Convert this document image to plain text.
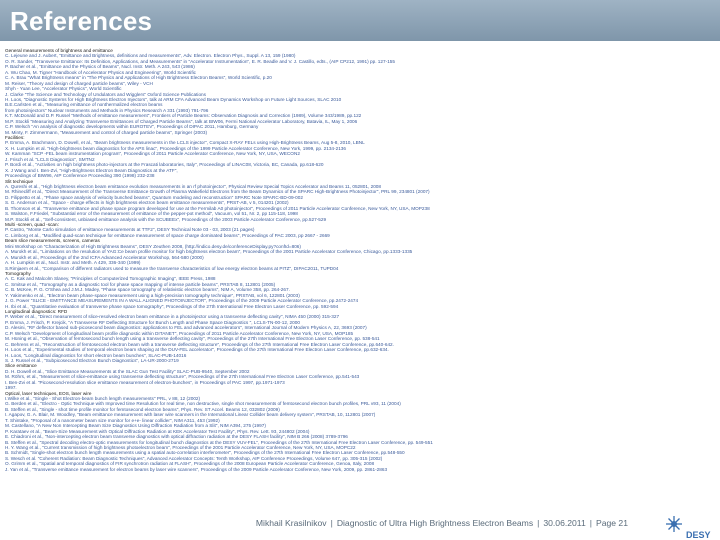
References
General measurements of brightness and emittance
C. Lejeune and J. Aubert, "Emittance and Brightness, definitions and measurements", Adv. Electron. Electron Phys., Suppl. A 13, 159 (1980)
O. R. Sander, "Transverse Emittance: Its Definition, Applications, and Measurements" in "Accelerator Instrumentation", E. R. Beadle and V. J. Castillo, edts., (AIP CP212, 1991) pp. 127-155
P. Bacher et al., "Emittance and the Physics of Beams", Nucl. Instr. Meth. A 243, 543 (1986)
A. Wu Chao, M. Tigner "Handbook of Accelerator Physics and Engineering", World Scientific
C. A. Brau "What Brightness means" in "The Physics and Applications of High Brightness Electron Beams", World Scientific, p.20
M. Reiser, "Theory and design of charged particle beams", Wiley - VCH
Shyh - Yuan Lee, "Accelerator Physics", World Scientific
J. Clarke "The Science and Technology of Undulators and Wigglers" Oxford Science Publications
H. Loos, "Diagnostic Systems for High Brightness Electron Injectors", talk at ARM CFA Advanced Beam Dynamics Workshop on Future Light Sources, SLAC 2010
B.E.Carlsten et al., "Measuring emittance of nonthermalized electron beams
from photoinjectors" Nuclear Instruments and Methods in Physics Research A 331 (1993) 791-796
K.T. McDonald and D.P. Russel "Methods of emittance measurement", Frontiers of Particle Beams: Observation Diagnosis and Correction (1989), Volume 343/1989, pp.122
M.P. Stockli "Measuring and Analyzing Transverse Emittances of Charged Particle Beams", talk at BIW06, Fermi National Accelerator Laboratory, Batavia, IL, May 1, 2006
C.P. Welsch "An analysis of diagnostic developments within EUROTEV", Proceedings of DIPAC 2011, Hamburg, Germany
M. Minty, F. Zimmermann, "Measurement and control of charged particle beams", Springer (2003)
Facilities:
P. Emma, A. Brachmann, D. Dowell, et al., "Beam brightness measurements in the LCLS injector", Compact X-RAY FELs using High-Brightness Beams, Aug 5-8, 2010, LBNL
X. H. Lumpkin et al. "High-brightness beam diagnostics for the APS linac", Proceedings of the 1999 Particle Accelerator Conference, New York, 1999, pp. 2134-2136
W. Kamman "SCP -FEL beam instrumentation program", Proceedings of 2011 Particle Accelerator Conference, New York, NY, USA, WECON2
J. Frisch et al. "LCLS Diagnostics", SMTN2
P. Bordi et al., "Activities on high brightness photo-injectors at the Frascati laboratories, Italy", Proceedings of LINAC08, Victoria, BC, Canada, pp.618-620
X. J Wang and I. Ben-Zvi, "High-Brightness Electron Beam Diagnostics at the ATF",
Proceedings of BIW96, AIP Conference Proceeding 390 (1998) 232-238
Slit technique
A. Qureshi et al., "High brightness electron beam emittance evolution measurements in an rf photoinjector", Physical Review Special Topics Accelerator and Beams 11, 052801, 2008
M. Rhinecliff et al., "Direct Measurement of the Transverse Emittance Growth of Plasma Wakefield Electrons from the Beam Dynamics of the SPARC High-Brightness Photoinjector", PRL 99, 234801 (2007)
D. Filippetto et al., "Phase space analysis of velocity bunched beams", Quantum modeling and reconstruction" SPARC Note SPARC-BD-09-002
S. G. Anderson et al., "Space - charge effects in high brightness electron beam emittance measurements", PRST-AB, v 5, 014201 (2002)
B. Thomson et al. "Transverse emittance and phase space program developed for use at the Fermilab A0 photoinjector", Proceedings of 2011 Particle Accelerator Conference, New York, NY, USA, MOP238
S. Walston, F.Friedel, "Substantial error of the measurement of emittance of the pepper-pot method", Vacuum, vol 51, Nr. 2, pp 115-118, 1998
M.P. Stockli et al., "Self-consistent, unbiased emittance analysis with the SCUBEEx", Proceedings of the 2003 Particle Accelerator Conference, pp.527-529
Multi -screen, quad -scan:
P. Castro, "Monte Carlo simulation of emittance measurements at TTF2", DESY Technical Note 03 - 03, 2003 (21 pages)
C. Limborg et al., "Modified quad-scan technique for emittance measurement of space charge dominated beams", Proceedings of PAC 2003, pp 2667 - 2669
Beam slice measurements, screens, cameras
Mini Workshop on "Characterization of High Brightness Beams", DESY Zeuthen 2008, (http://indico.desy.de/conferenceDisplay.py?confId=806)
A. Murokh et al., "Limitations on the resolution of YAG:Ce beam profile monitor for high brightness electron beam", Proceedings of the 2001 Particle Accelerator Conference, Chicago, pp.1333-1335
A. Murokh et al., Proceedings of the 2nd ICFA Advanced Accelerator Workshop, 564-580 (2000)
A. H. Lumpkin et al., Nucl. Instr. and Meth. A 429, 336-340 (1999)
S.Rimjaem et al., "Comparison of different radiators used to measure the transverse characteristics of low energy electron beams at PITZ", DIPAC2011, TUPD04
Tomography
A. C. Kak and Malcolm Slaney, "Principles of Computerized Tomographic Imaging", IEEE Press, 1988
C. Smitsø et al., "Tomography as a diagnostic tool for phase space mapping of intense particle beams", PRSTAB 8, 112801 (2005)
C. B. McKee, P. G. O'Shea and J.M.J. Madey, "Phase space tomography of relativistic electron beams", NIM A, Volume 358, pp. 264-267.
Y. Yakimenko et al., "Electron beam phase-space measurement using a high-precision tomography technique", PRSTAB, vol 6, 122801 (2003)
J. G. Power "SLICE - EMITTANCE MEASUREMENTS IN A WALL ALIGNED PHOTOINJECTOR", Proceedings of the 2009 Particle Accelerator Conference, pp.2472-2474
H. Ibi et al., "Quantitative evaluation of transverse phase space tomography", Proceedings of the 27th International Free Electron Laser Conference, pp. 592-594
Longitudinal diagnostics: RFD
P. Weber et al., "Direct measurement of slice-resolved electron beam emittance in a photoinjector using a transverse deflecting cavity", NIMA 450 (2000) 315-327
P. Emma, J. Frisch, P. Krejcik, "A Transverse RF Deflecting Structure for Bunch Length and Phase Space Diagnostics ", LCLS-TN-00-12, 2000
D. Alesini, "RF deflector based sub-picosecond beam diagnostics: applications to FEL and advanced accelerators", International Journal of Modern Physics A, 22, 3693 (2007)
C.P. Welsch "Development of longitudinal beam profile diagnostic within DITANET", Proceedings of 2011 Particle Accelerator Conference, New York, NY, USA, MOP185
M. Hüning et al., "Observation of femtosecond bunch length using a transverse deflecting cavity", Proceedings of the 27th International Free Electron Laser Conference, pp. 538-541
C. Behrens et al., "Reconstruction of femtosecond electron beam with a transverse deflecting structure", Proceedings of the 27th International Free Electron Laser Conference, pp.640-642.
H. Loos et al., "Experimental studies of temporal electron beam shaping at the DUV-FEL accelerator", Proceedings of the 27th International Free Electron Laser Conference, pp.632-634.
H. Loos, "Longitudinal diagnostics for short electron beam bunches", SLAC-PUB-14016
S. J. Russel et al., "Subpicosecond Electron Bunch Diagnostics", LA-UR-2000-2719
Slice emittance
D. H. Dowell et al., "Slice Emittance Measurements at the SLAC Gun Test Facility" SLAC-PUB-9540, September 2002
M. Röhrs, et al., "Measurement of slice-emittance using transverse deflecting structure", Proceedings of the 27th International Free Electron Laser Conference, pp.541-543
I. Ben-Zvi et al. "Picosecond-resolution slice emittance measurement of electron-bunches", in Proceedings of PAC 1997, pp.1971-1973
1997.
Optical, laser techniques, EOS, laser wire
I.Wilke et al., "Single - Shot Electron-beam bunch length measurements" PRL, v 88, 12 (2002)
G. Berden et al., "Electro - Optic Technique with Improved time Resolution for real time, non destructive, single shot measurements of femtosecond electron bunch profiles, PRL v93, 11 (2004)
B. Steffen et al., "Single - shot time profile monitor for femtosecond electron beams", Phys. Rev. ST Accel. Beams 12, 032802 (2009)
I. Agapov, G. A. Blair, M. Woodley, "Beam emittance measurement with laser wire scanners in the International Linear Collider beam delivery system", PRSTAB, 10, 112801 (2007)
T. Shintake, "Proposal of a nanometer beam size monitor for e+e- linear collider", NIM A311, 453 (1992)
M. Castellano, "A New Non Intercepting Beam Size Diagnostics Using Diffraction Radiation from a Slit", NIM A394, 275 (1997)
P. Karataev et al., "Beam-Size Measurement with Optical Diffraction Radiation at KEK Accelerator Test Facility", Phys. Rev. Lett. 93, 244802 (2004)
E. Chiadroni et al., "Non-intercepting electron beam transverse diagnostics with optical diffraction radiation at the DESY FLASH facility", NIM B 266 (2008) 3789-3796
B. Steffen et al., "Spectral decoding electro-optic measurements for longitudinal bunch diagnostics at the DESY VUV-FEL", Proceedings of the 27th International Free Electron Laser Conference, pp. 549-551
H. Y. Wang et al., "Current transmission of high brightness photoelectron beam", Proceedings of the 2001 Particle Accelerator Conference, New York, NY, USA, MOPC22
B. Schmidt, "Single-shot electron bunch length measurements using a spatial auto-correlation interferometer", Proceedings of the 27th International Free Electron Laser Conference, pp.548-550
S. Wesch et al. "Coherent Radiation: Beam Diagnostic Techniques", Advanced Accelerator Concepts: Tenth Workshop, AIP Conference Proceedings, Volume 647, pp. 305-315 (2002)
O. Grimm et al., "Spatial and temporal diagnostics of FIR synchrotron radiation at FLASH", Proceedings of the 2008 European Particle Accelerator Conference, Genoa, Italy, 2008
J. Yan et al., "Transverse emittance measurement for electron beams by laser wire scanners", Proceedings of the 2009 Particle Accelerator Conference, New York, 2009, pp. 2861-2863
Mikhail Krasilnikov | Diagnostic of Ultra High Brightness Electron Beams | 30.06.2011 | Page 21
DESY
